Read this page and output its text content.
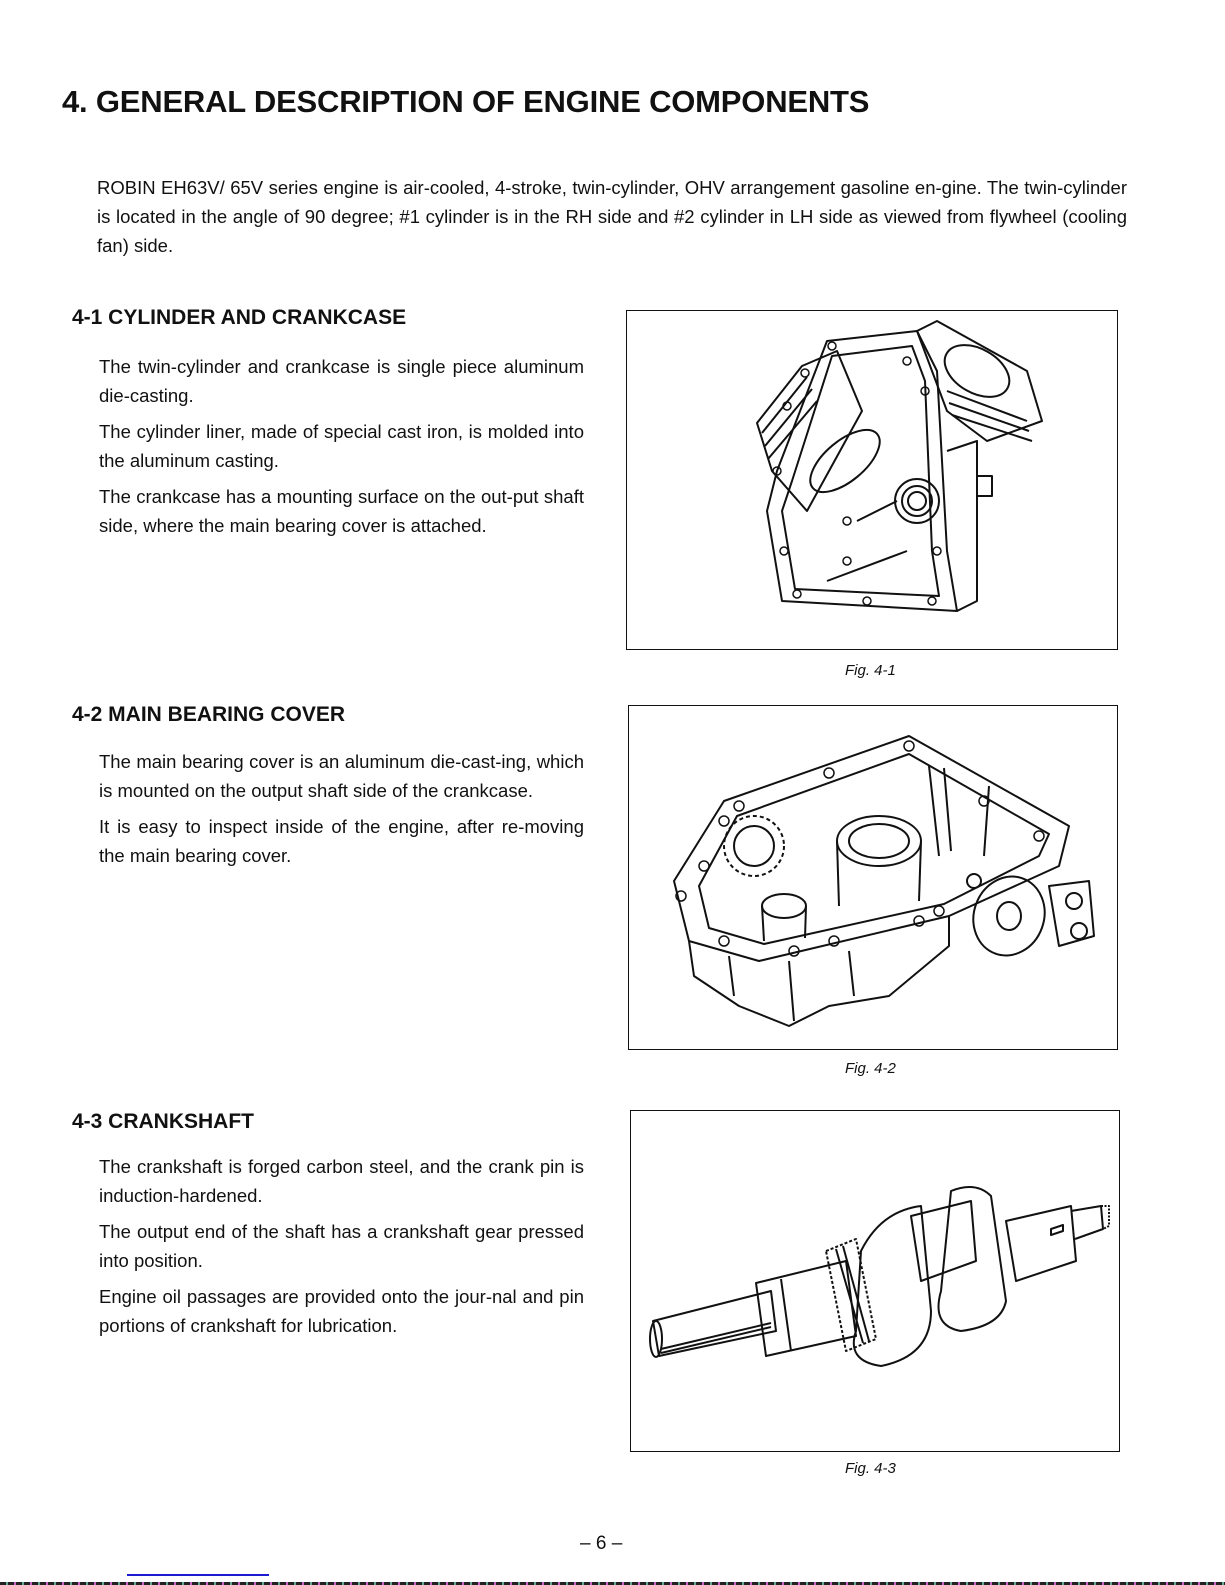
4. GENERAL DESCRIPTION OF ENGINE COMPONENTS

ROBIN EH63V/ 65V series engine is air-cooled, 4-stroke, twin-cylinder, OHV arrangement gasoline en-gine. The twin-cylinder is located in the angle of 90 degree; #1 cylinder is in the RH side and #2 cylinder in LH side as viewed from flywheel (cooling fan) side.

4-1 CYLINDER AND CRANKCASE

The twin-cylinder and crankcase is single piece aluminum die-casting.

The cylinder liner, made of special cast iron, is molded into the aluminum casting.

The crankcase has a mounting surface on the out-put shaft side, where the main bearing cover is attached.

Fig. 4-1
4-2 MAIN BEARING COVER

The main bearing cover is an aluminum die-cast-ing, which is mounted on the output shaft side of the crankcase.

It is easy to inspect inside of the engine, after re-moving the main bearing cover.

Fig. 4-2
4-3 CRANKSHAFT

The crankshaft is forged carbon steel, and the crank pin is induction-hardened.

The output end of the shaft has a crankshaft gear pressed into position.

Engine oil passages are provided onto the jour-nal and pin portions of crankshaft for lubrication.

Fig. 4-3
– 6 –
